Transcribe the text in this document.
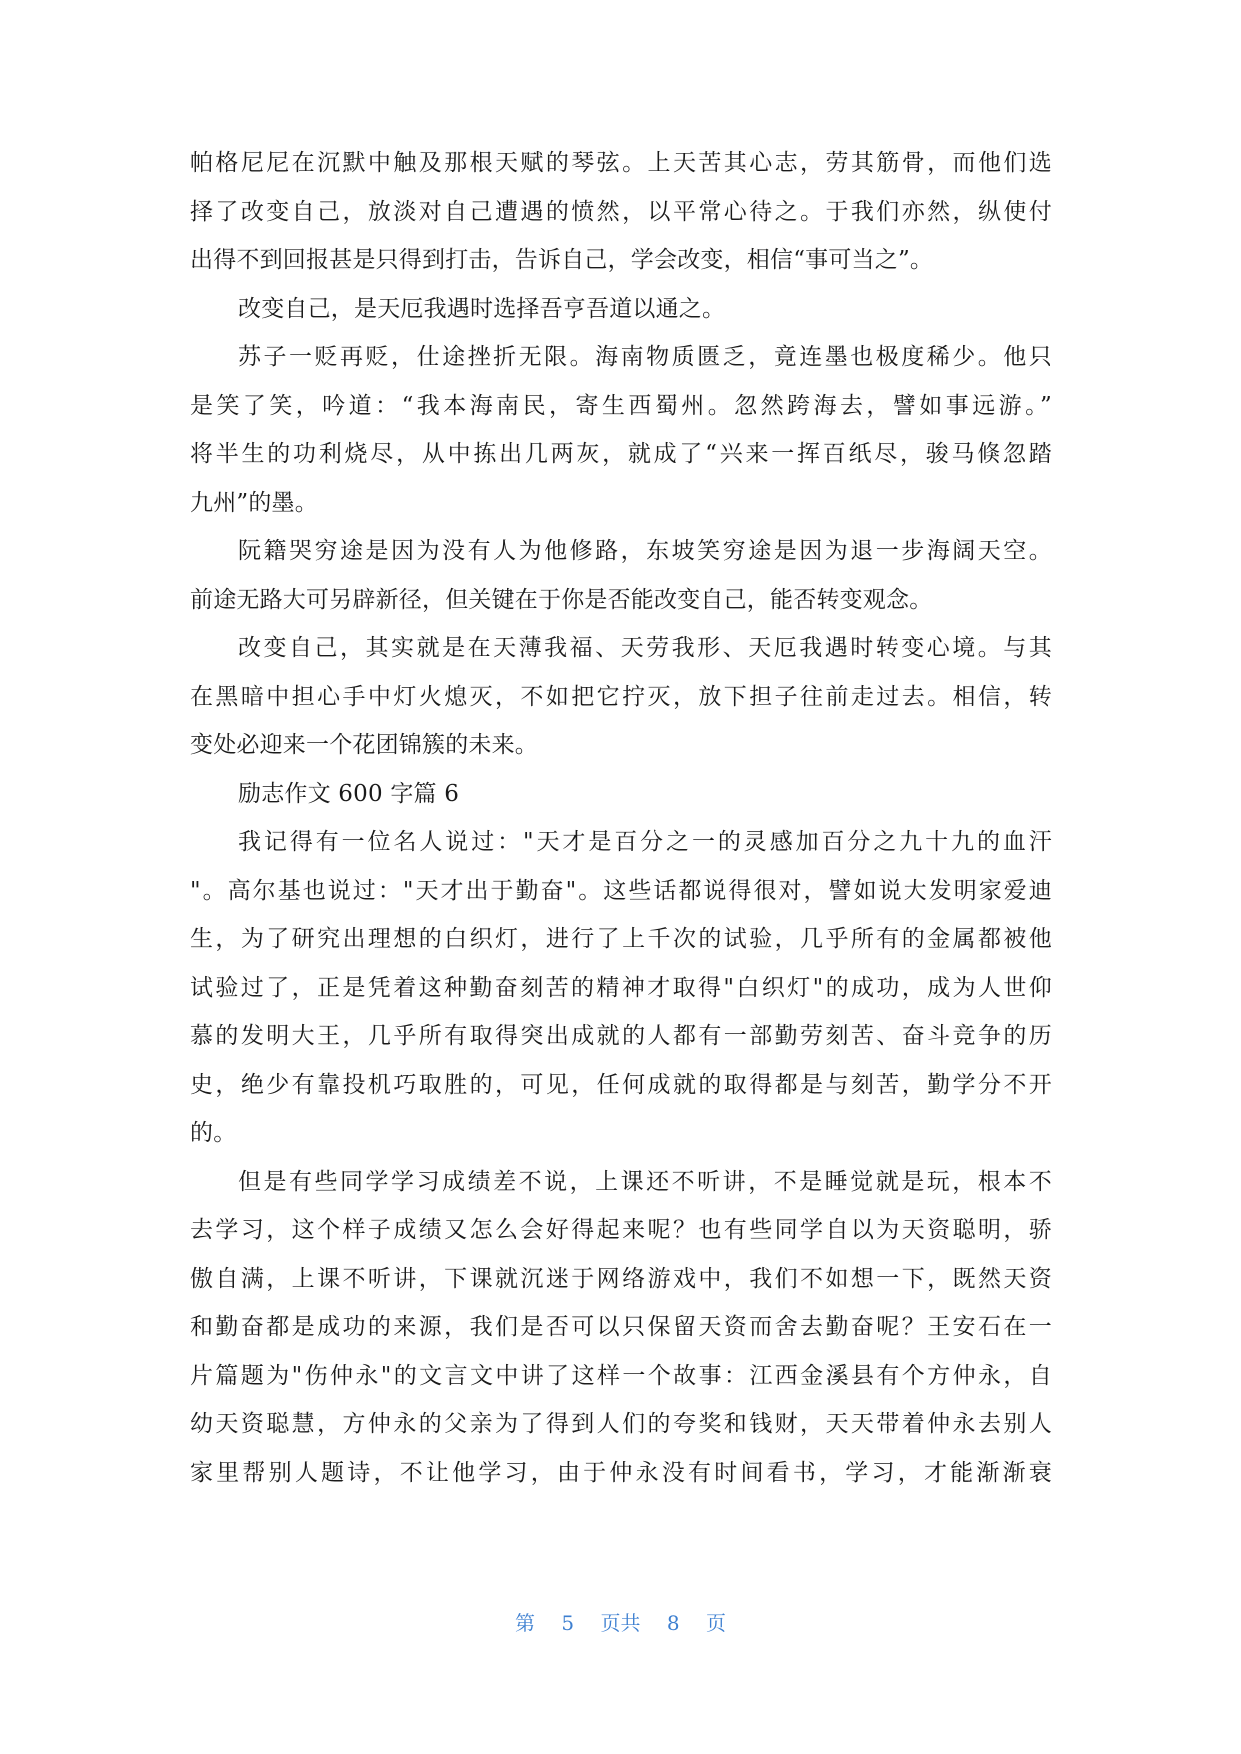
帕格尼尼在沉默中触及那根天赋的琴弦。上天苦其心志，劳其筋骨，而他们选
择了改变自己，放淡对自己遭遇的愤然，以平常心待之。于我们亦然，纵使付
出得不到回报甚是只得到打击，告诉自己，学会改变，相信“事可当之”。
改变自己，是天厄我遇时选择吾亨吾道以通之。
苏子一贬再贬，仕途挫折无限。海南物质匮乏，竟连墨也极度稀少。他只
是笑了笑，吟道：“我本海南民，寄生西蜀州。忽然跨海去，譬如事远游。”
将半生的功利烧尽，从中拣出几两灰，就成了“兴来一挥百纸尽，骏马倏忽踏
九州”的墨。
阮籍哭穷途是因为没有人为他修路，东坡笑穷途是因为退一步海阔天空。
前途无路大可另辟新径，但关键在于你是否能改变自己，能否转变观念。
改变自己，其实就是在天薄我福、天劳我形、天厄我遇时转变心境。与其
在黑暗中担心手中灯火熄灭，不如把它拧灭，放下担子往前走过去。相信，转
变处必迎来一个花团锦簇的未来。
励志作文 600 字篇 6
我记得有一位名人说过："天才是百分之一的灵感加百分之九十九的血汗
"。高尔基也说过："天才出于勤奋"。这些话都说得很对，譬如说大发明家爱迪
生，为了研究出理想的白织灯，进行了上千次的试验，几乎所有的金属都被他
试验过了，正是凭着这种勤奋刻苦的精神才取得"白织灯"的成功，成为人世仰
慕的发明大王，几乎所有取得突出成就的人都有一部勤劳刻苦、奋斗竞争的历
史，绝少有靠投机巧取胜的，可见，任何成就的取得都是与刻苦，勤学分不开
的。
但是有些同学学习成绩差不说，上课还不听讲，不是睡觉就是玩，根本不
去学习，这个样子成绩又怎么会好得起来呢？也有些同学自以为天资聪明，骄
傲自满，上课不听讲，下课就沉迷于网络游戏中，我们不如想一下，既然天资
和勤奋都是成功的来源，我们是否可以只保留天资而舍去勤奋呢？王安石在一
片篇题为"伤仲永"的文言文中讲了这样一个故事：江西金溪县有个方仲永，自
幼天资聪慧，方仲永的父亲为了得到人们的夸奖和钱财，天天带着仲永去别人
家里帮别人题诗，不让他学习，由于仲永没有时间看书，学习，才能渐渐衰
第 5 页共 8 页
